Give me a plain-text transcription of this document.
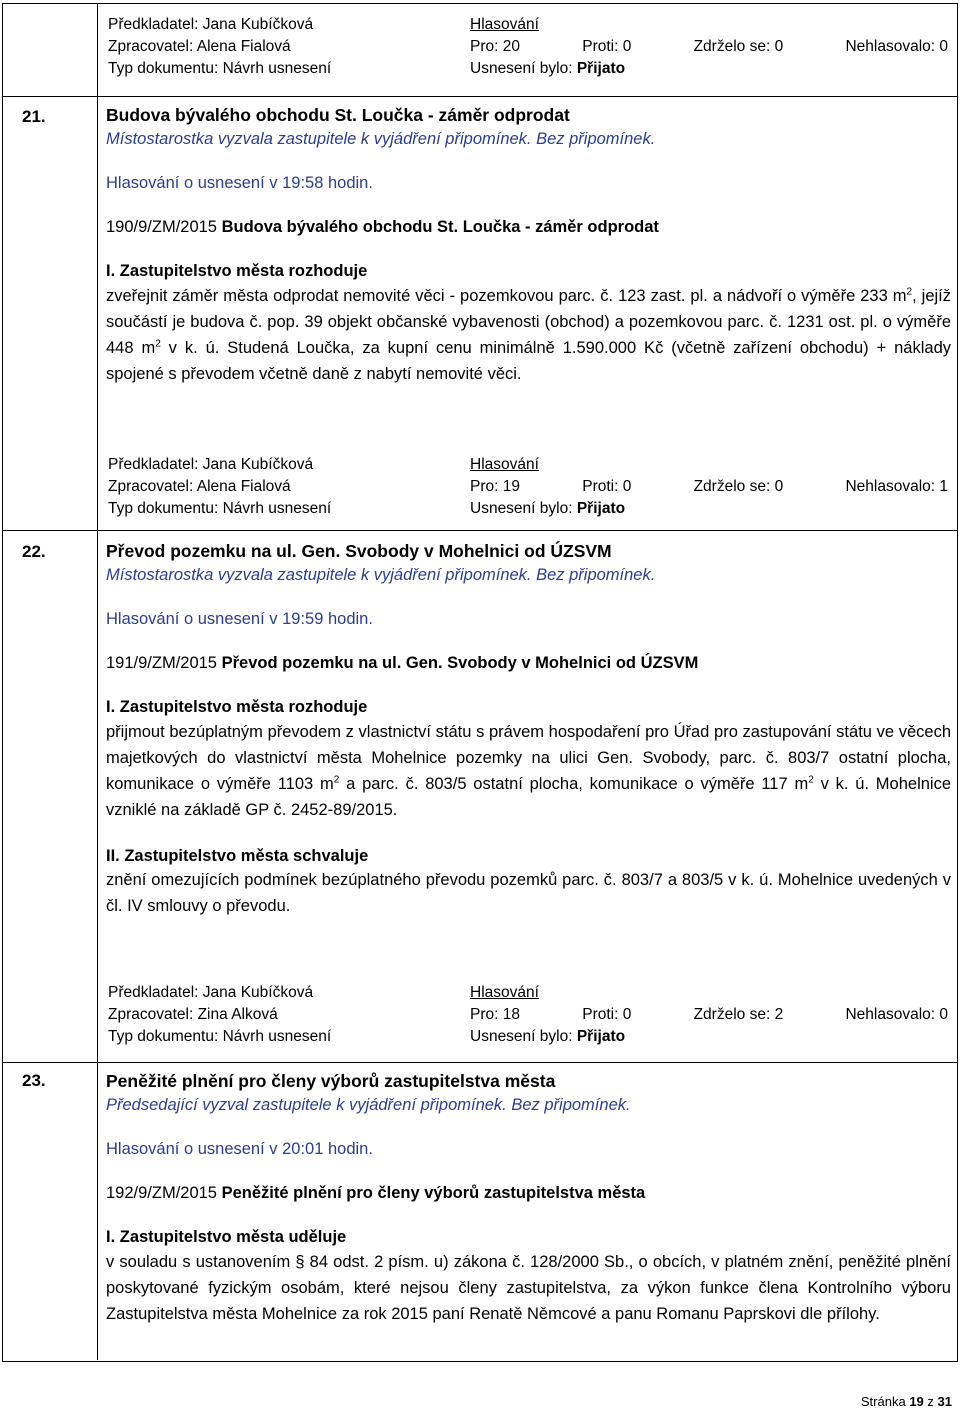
Předkladatel: Jana Kubíčková	Hlasování
Zpracovatel: Alena Fialová	Pro: 20	Proti: 0	Zdrželo se: 0	Nehlasovalo: 0
Typ dokumentu: Návrh usnesení	Usnesení bylo:
Přijato
21.	Budova bývalého obchodu St. Loučka - záměr odprodat

Místostarostka vyzvala zastupitele k vyjádření připomínek. Bez připomínek.

Hlasování o usnesení v 19:58 hodin.

190/9/ZM/2015 Budova bývalého obchodu St. Loučka - záměr odprodat

I. Zastupitelstvo města rozhoduje

zveřejnit záměr města odprodat nemovité věci - pozemkovou parc. č. 123 zast. pl. a nádvoří o výměře 233 $m^2$, jejíž součástí je budova č. pop. 39 objekt občanské vybavenosti (obchod) a pozemkovou parc. č. 1231 ost. pl. o výměře 448 $m^2$ v k. ú. Studená Loučka, za kupní cenu minimálně 1.590.000 Kč (včetně zařízení obchodu) + náklady spojené s převodem včetně daně z nabytí nemovité věci.

Předkladatel: Jana Kubíčková	Hlasování
Zpracovatel: Alena Fialová	Pro: 19	Proti: 0	Zdrželo se: 0	Nehlasovalo: 1
Typ dokumentu: Návrh usnesení	Usnesení bylo:
Přijato
22.	Převod pozemku na ul. Gen. Svobody v Mohelnici od ÚZSVM

Místostarostka vyzvala zastupitele k vyjádření připomínek. Bez připomínek.

Hlasování o usnesení v 19:59 hodin.

191/9/ZM/2015 Převod pozemku na ul. Gen. Svobody v Mohelnici od ÚZSVM

I. Zastupitelstvo města rozhoduje

přijmout bezúplatným převodem z vlastnictví státu s právem hospodaření pro Úřad pro zastupování státu ve věcech majetkových do vlastnictví města Mohelnice pozemky na ulici Gen. Svobody, parc. č. 803/7 ostatní plocha, komunikace o výměře 1103 $m^2$ a parc. č. 803/5 ostatní plocha, komunikace o výměře 117 $m^2$ v k. ú. Mohelnice vzniklé na základě GP č. 2452-89/2015.

II. Zastupitelstvo města schvaluje

znění omezujících podmínek bezúplatného převodu pozemků parc. č. 803/7 a 803/5 v k. ú. Mohelnice uvedených v čl. IV smlouvy o převodu.

Předkladatel: Jana Kubíčková	Hlasování
Zpracovatel: Zina Alková	Pro: 18	Proti: 0	Zdrželo se: 2	Nehlasovalo: 0
Typ dokumentu: Návrh usnesení	Usnesení bylo:
Přijato
23.	Peněžité plnění pro členy výborů zastupitelstva města

Předsedající vyzval zastupitele k vyjádření připomínek. Bez připomínek.

Hlasování o usnesení v 20:01 hodin.

192/9/ZM/2015 Peněžité plnění pro členy výborů zastupitelstva města

I. Zastupitelstvo města uděluje

v souladu s ustanovením § 84 odst. 2 písm. u) zákona č. 128/2000 Sb., o obcích, v platném znění, peněžité plnění poskytované fyzickým osobám, které nejsou členy zastupitelstva, za výkon funkce člena Kontrolního výboru Zastupitelstva města Mohelnice za rok 2015 paní Renatě Němcové a panu Romanu Paprskovi dle přílohy.

Stránka 19 z 31
